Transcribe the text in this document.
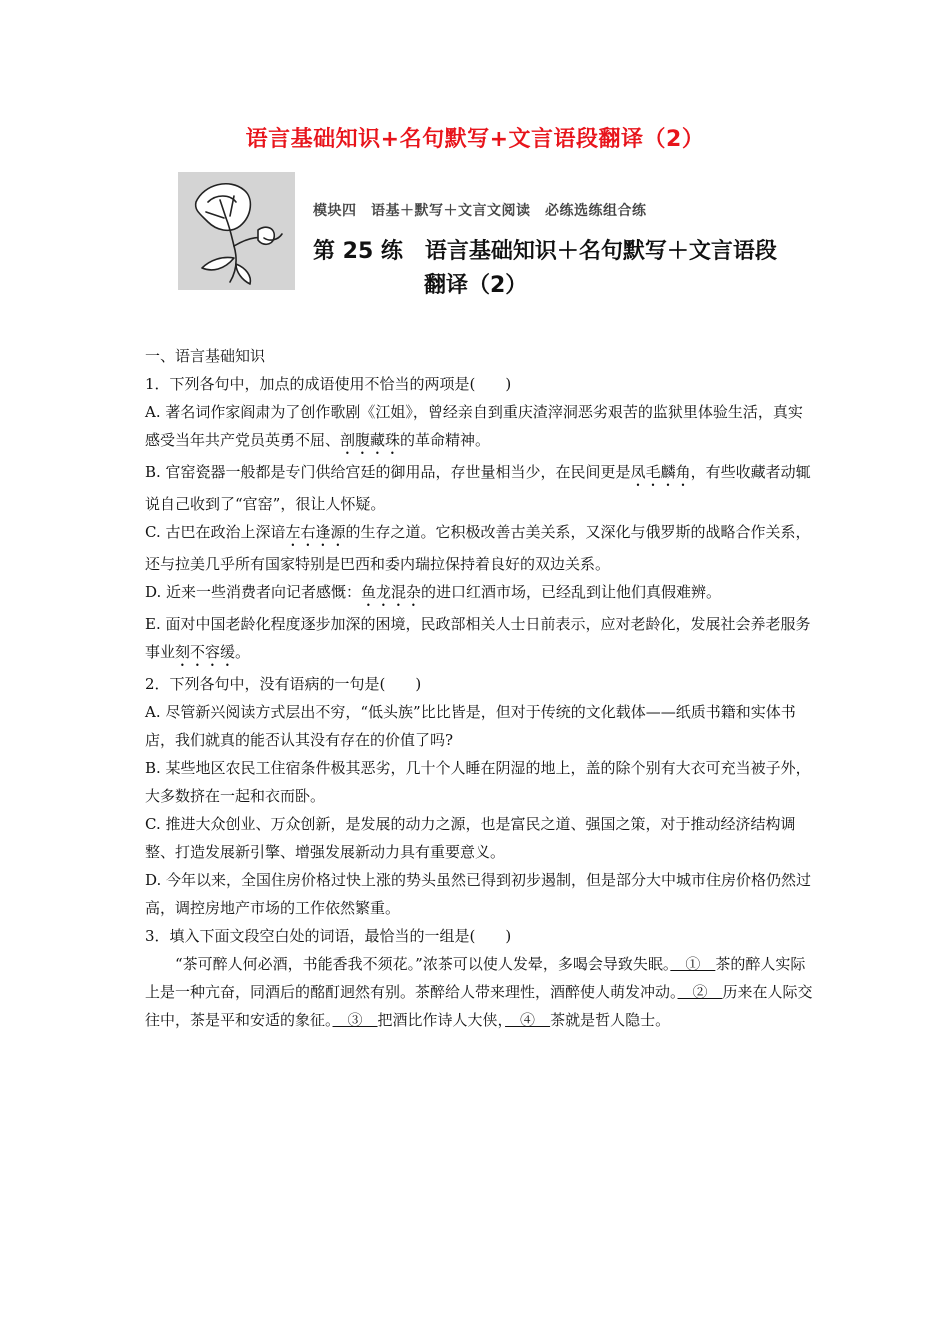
语言基础知识+名句默写+文言语段翻译（2）
模块四　语基＋默写＋文言文阅读　必练选练组合练
第 25 练　语言基础知识＋名句默写＋文言语段
翻译（2）

一、语言基础知识

1．下列各句中，加点的成语使用不恰当的两项是(　　)

A. 著名词作家阎肃为了创作歌剧《江姐》，曾经亲自到重庆渣滓洞恶劣艰苦的监狱里体验生活，真实感受当年共产党员英勇不屈、剖腹藏珠的革命精神。

B. 官窑瓷器一般都是专门供给宫廷的御用品，存世量相当少，在民间更是凤毛麟角，有些收藏者动辄说自己收到了“官窑”，很让人怀疑。

C. 古巴在政治上深谙左右逢源的生存之道。它积极改善古美关系，又深化与俄罗斯的战略合作关系，还与拉美几乎所有国家特别是巴西和委内瑞拉保持着良好的双边关系。

D. 近来一些消费者向记者感慨：鱼龙混杂的进口红酒市场，已经乱到让他们真假难辨。

E. 面对中国老龄化程度逐步加深的困境，民政部相关人士日前表示，应对老龄化，发展社会养老服务事业刻不容缓。

2．下列各句中，没有语病的一句是(　　)

A. 尽管新兴阅读方式层出不穷，“低头族”比比皆是，但对于传统的文化载体——纸质书籍和实体书店，我们就真的能否认其没有存在的价值了吗?

B. 某些地区农民工住宿条件极其恶劣，几十个人睡在阴湿的地上，盖的除个别有大衣可充当被子外，大多数挤在一起和衣而卧。

C. 推进大众创业、万众创新，是发展的动力之源，也是富民之道、强国之策，对于推动经济结构调整、打造发展新引擎、增强发展新动力具有重要意义。

D. 今年以来，全国住房价格过快上涨的势头虽然已得到初步遏制，但是部分大中城市住房价格仍然过高，调控房地产市场的工作依然繁重。

3．填入下面文段空白处的词语，最恰当的一组是(　　)

“茶可醉人何必酒，书能香我不须花。”浓茶可以使人发晕，多喝会导致失眠。　①　茶的醉人实际上是一种亢奋，同酒后的酩酊迥然有别。茶醉给人带来理性，酒醉使人萌发冲动。　②　历来在人际交往中，茶是平和安适的象征。　③　把酒比作诗人大侠，　④　茶就是哲人隐士。
